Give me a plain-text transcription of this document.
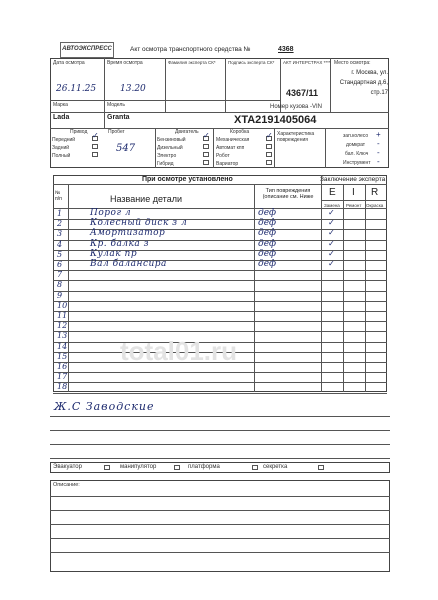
АВТОЭКСПРЕСС	Акт осмотра транспортного средства №	4368
Дата осмотра
26.11.25
Время осмотра
13.20
Фамилия эксперта СК*	Подпись эксперта СК* АКТ ИНТЕРСТРАХ ****
4367/11
Место осмотра:
г. Москва, ул. Стандартная д.6, стр.17
Марка
Lada
Модель
Granta
Номер кузова -VIN
XTA2191405064
Привод
Передний ✓
Задний
Полный
Пробег
547
Двигатель
Бензиновый ✓
Дизельный
Электро
Гибрид
Коробка
Механическая ✓
Автомат кпп
Робот
Вариатор
Характеристика повреждения
зап.колесо +
домкрат -
бал. Ключ -
Инструмент -
При осмотре установлено	Заключение эксперта
№ п/п	Название детали
Тип повреждения (описание см. Ниже	E I R
Замена Ремонт Окраска
1	Порог л	деф	✓
2	Колесный диск з л	деф	✓
3	Амортизатор	деф	✓
4	Кр. балка з	деф	✓
5	Кулак пр	деф	✓
6	Вал балансира	деф	✓
7
8
9
10
11
12
13
14
15
16
17
18
Ж.С Заводские
Эвакуатор	манипулятор	платформа	секретка
Описание:
total01.ru
